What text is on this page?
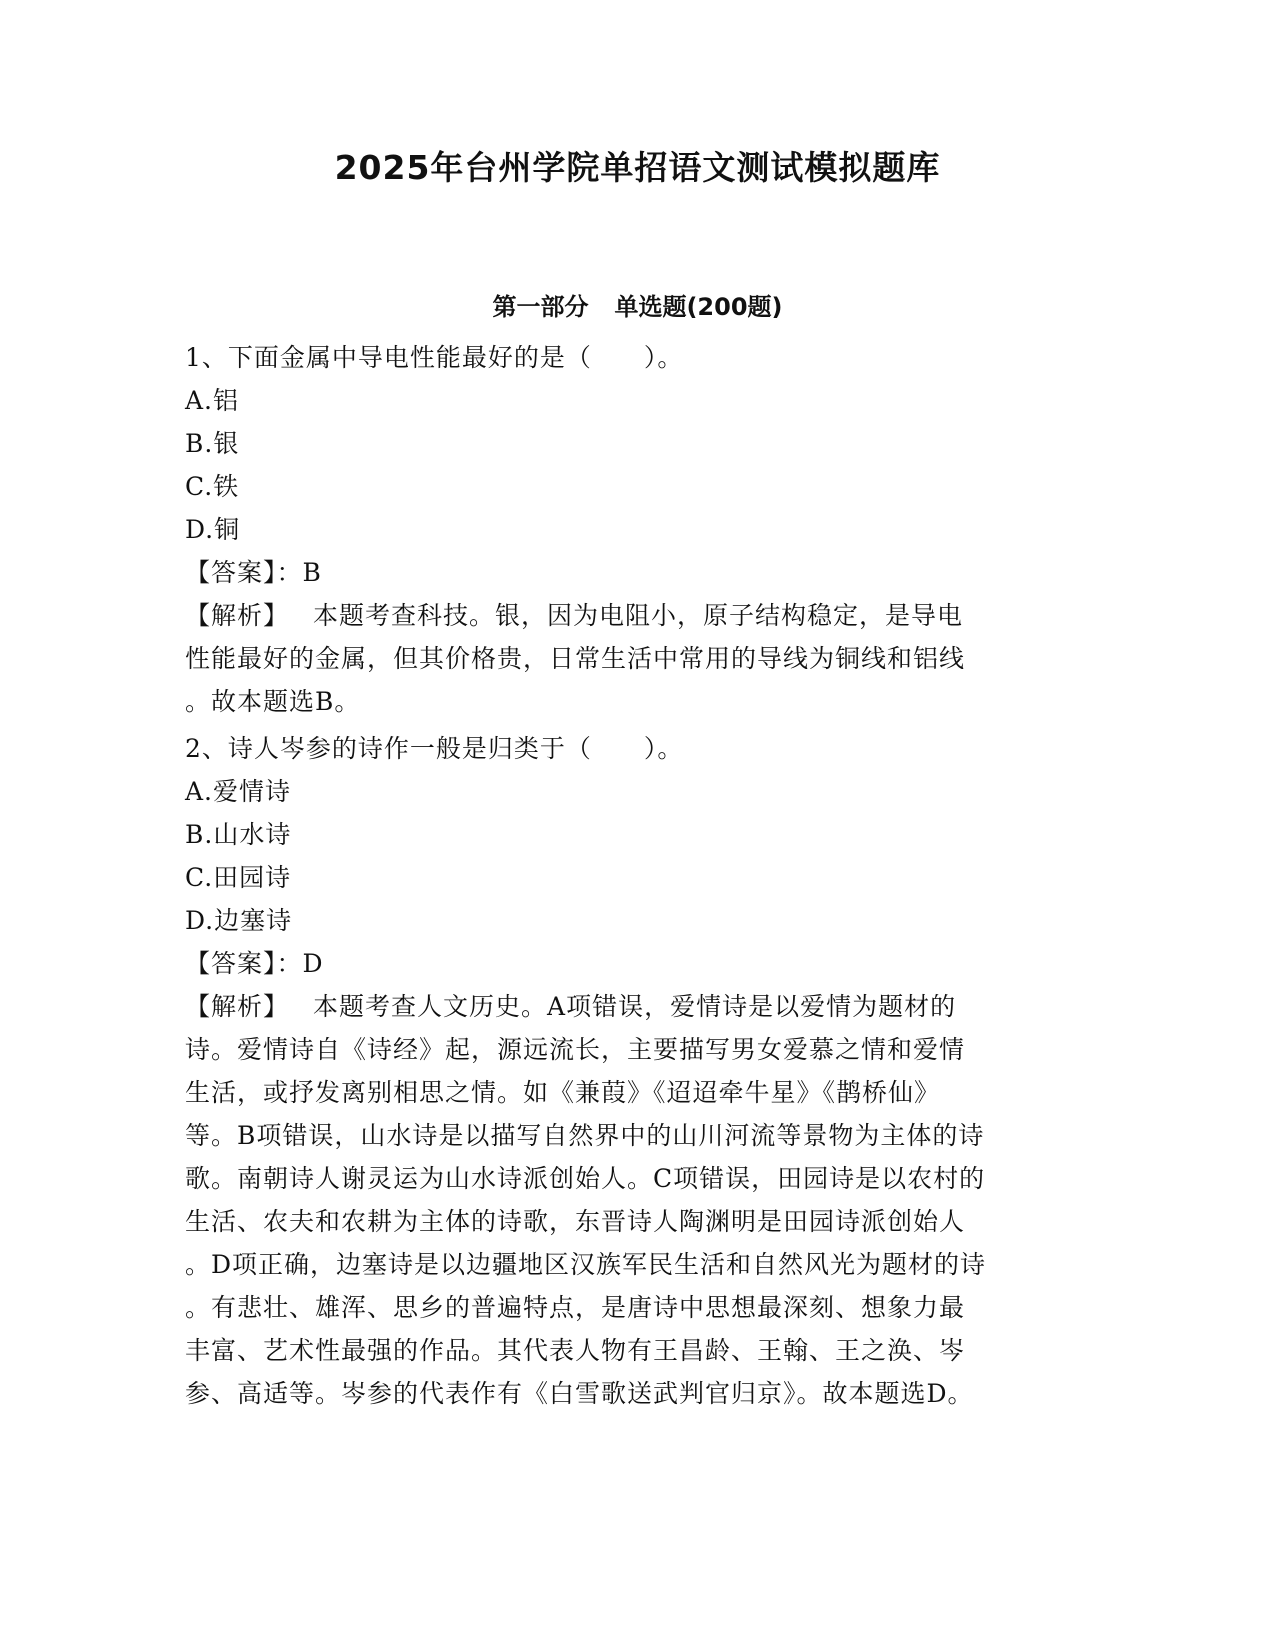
2025年台州学院单招语文测试模拟题库
第一部分 单选题(200题)
1、下面金属中导电性能最好的是（　　）。
A.铝
B.银
C.铁
D.铜
【答案】：B
【解析】 本题考查科技。银，因为电阻小，原子结构稳定，是导电
性能最好的金属，但其价格贵，日常生活中常用的导线为铜线和铝线
。故本题选B。
2、诗人岑参的诗作一般是归类于（　　）。
A.爱情诗
B.山水诗
C.田园诗
D.边塞诗
【答案】：D
【解析】 本题考查人文历史。A项错误，爱情诗是以爱情为题材的
诗。爱情诗自《诗经》起，源远流长，主要描写男女爱慕之情和爱情
生活，或抒发离别相思之情。如《兼葭》《迢迢牵牛星》《鹊桥仙》
等。B项错误，山水诗是以描写自然界中的山川河流等景物为主体的诗
歌。南朝诗人谢灵运为山水诗派创始人。C项错误，田园诗是以农村的
生活、农夫和农耕为主体的诗歌，东晋诗人陶渊明是田园诗派创始人
。D项正确，边塞诗是以边疆地区汉族军民生活和自然风光为题材的诗
。有悲壮、雄浑、思乡的普遍特点，是唐诗中思想最深刻、想象力最
丰富、艺术性最强的作品。其代表人物有王昌龄、王翰、王之涣、岑
参、高适等。岑参的代表作有《白雪歌送武判官归京》。故本题选D。
